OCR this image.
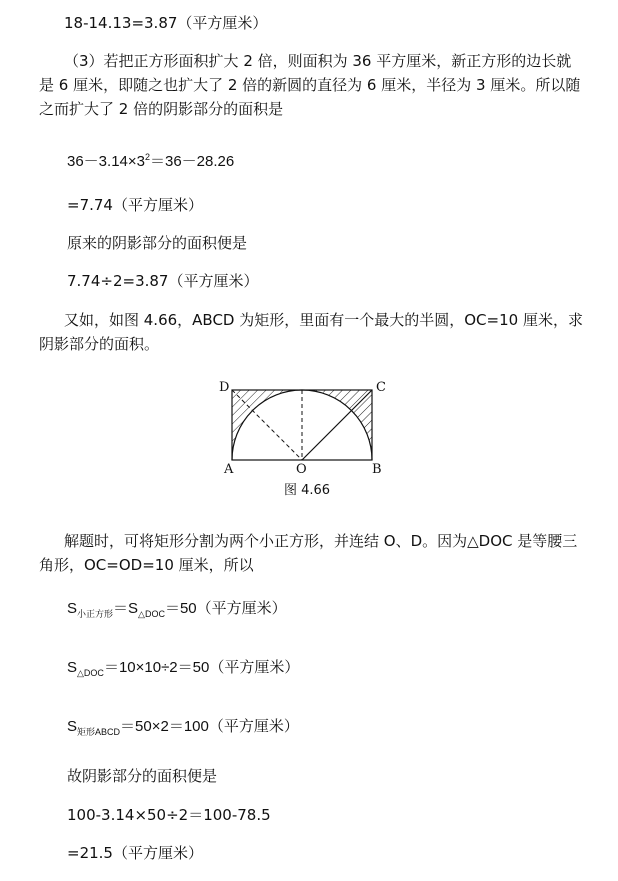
18-14.13=3.87（平方厘米）
（3）若把正方形面积扩大 2 倍，则面积为 36 平方厘米，新正方形的边长就
是 6 厘米，即随之也扩大了 2 倍的新圆的直径为 6 厘米，半径为 3 厘米。所以随
之而扩大了 2 倍的阴影部分的面积是
$36-3.14\times 3^2=36-28.26$
=7.74（平方厘米）
原来的阴影部分的面积便是
7.74÷2=3.87（平方厘米）
又如，如图 4.66，ABCD 为矩形，里面有一个最大的半圆，OC=10 厘米，求
阴影部分的面积。
D	C
A	O	B
图 4.66
解题时，可将矩形分割为两个小正方形，并连结 O、D。因为△DOC 是等腰三
角形，OC=OD=10 厘米，所以
$S_{小正方形}=S_{\triangle DOC}=50$（平方厘米）
$S_{\triangle DOC}=10\times 10\div 2=50$（平方厘米）
$S_{矩形ABCD}=50\times 2=100$（平方厘米）
故阴影部分的面积便是
100-3.14×50÷2＝100-78.5
=21.5（平方厘米）
